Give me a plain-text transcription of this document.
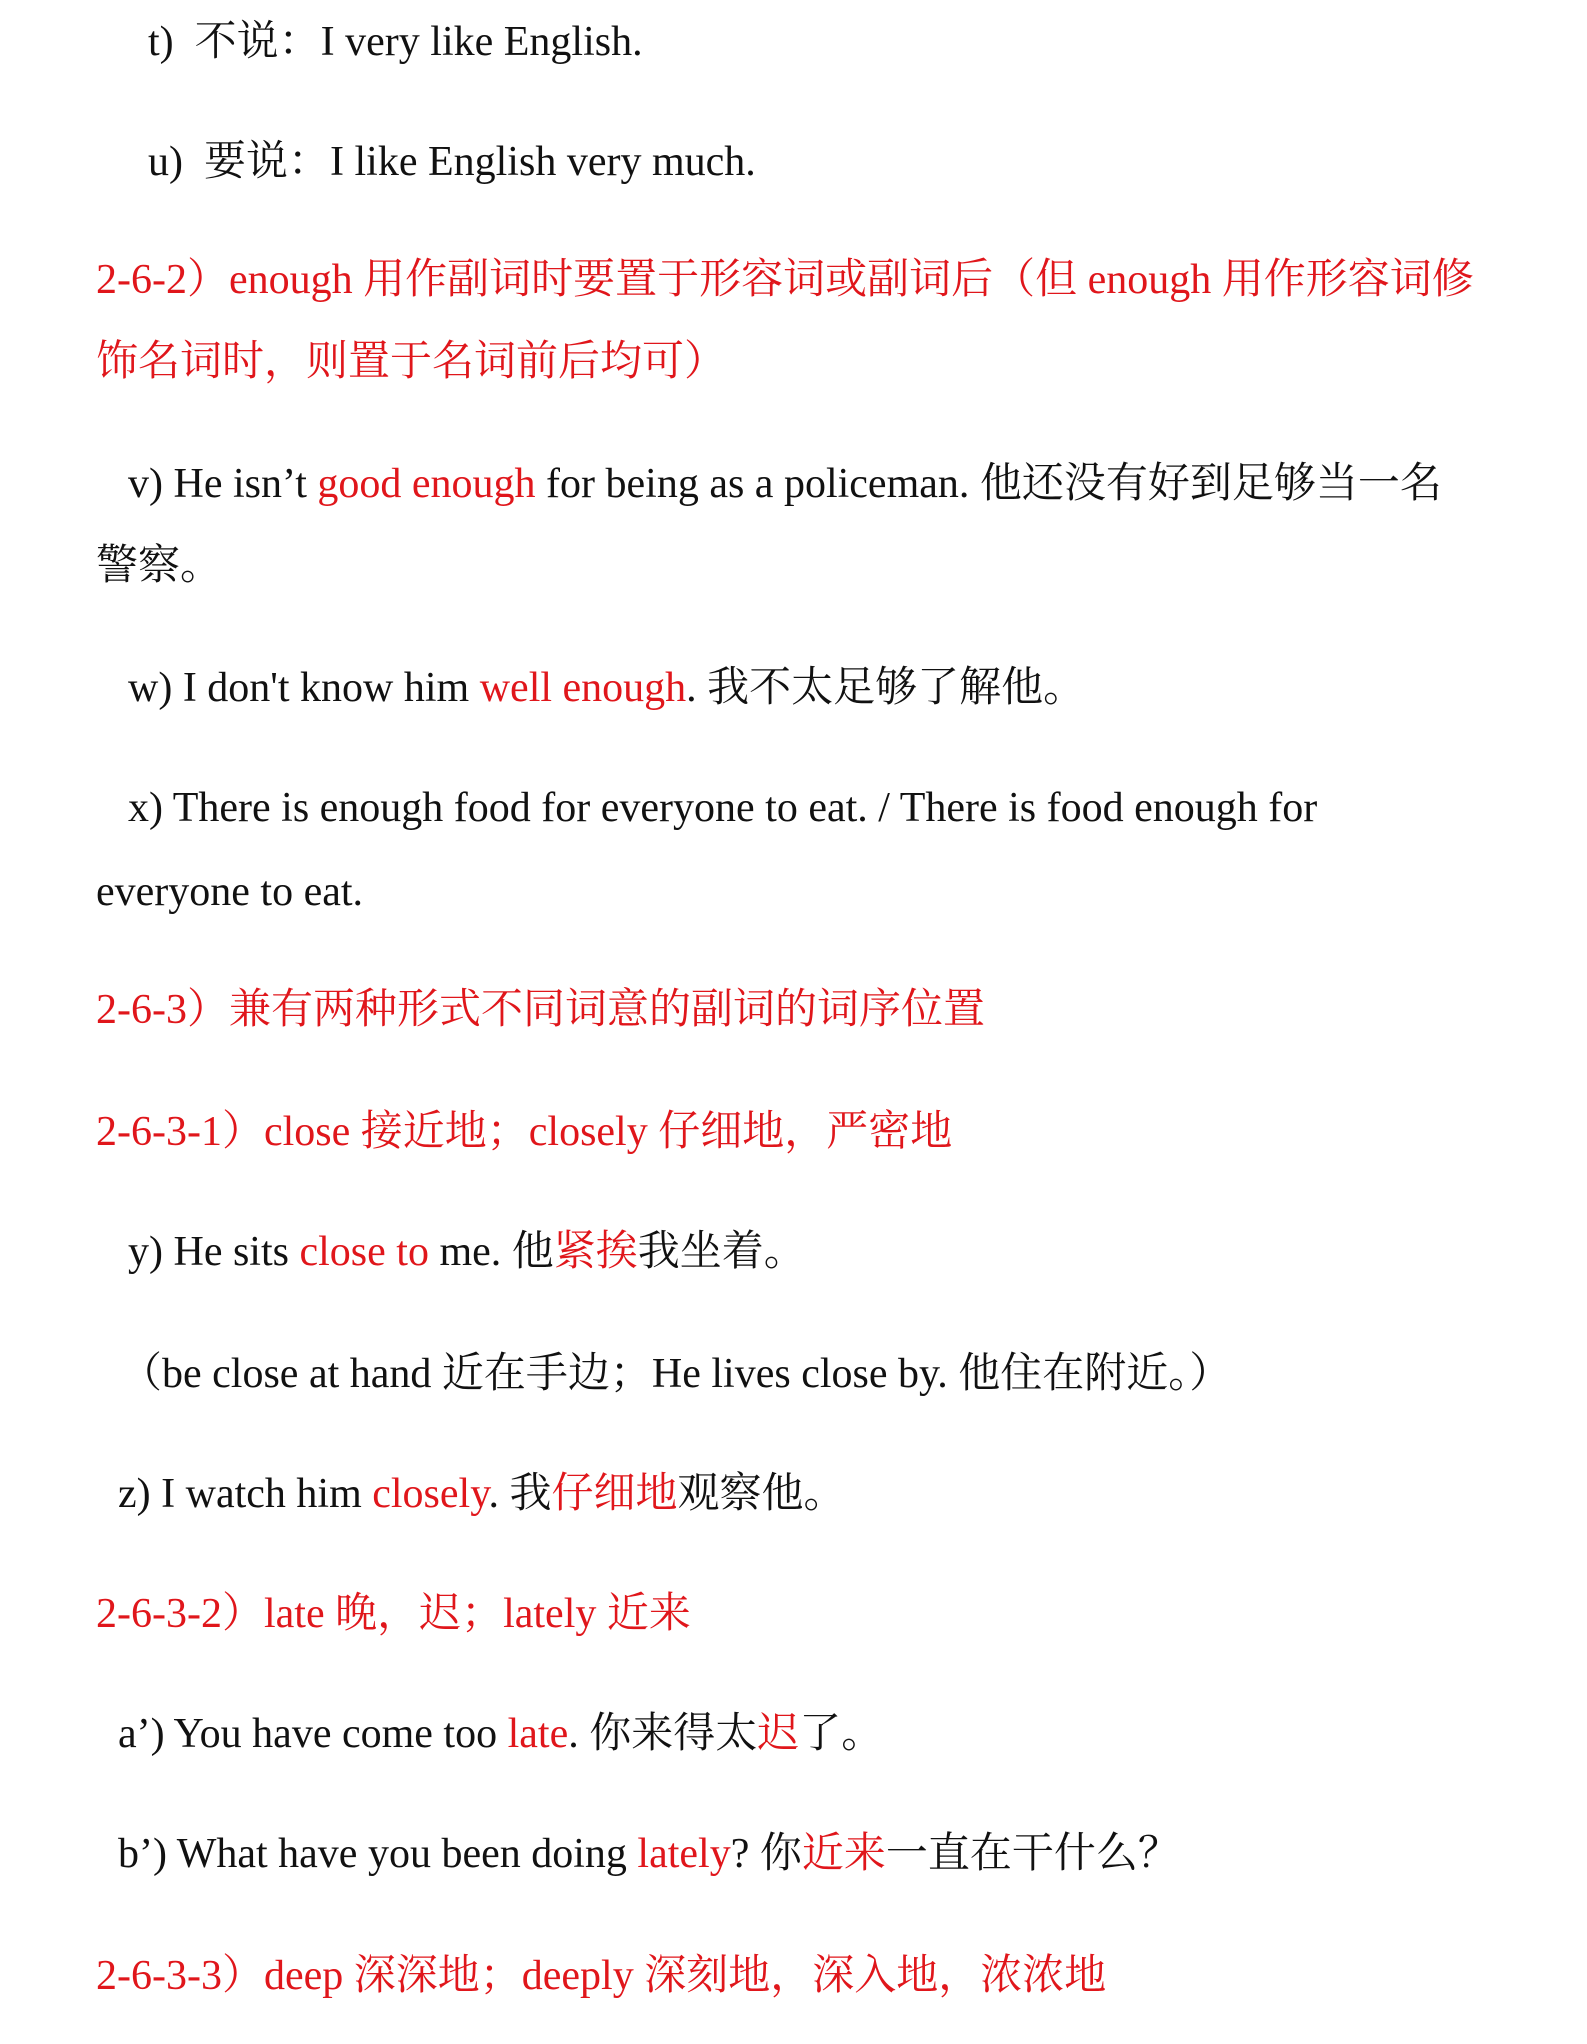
t) 不说：I very like English.
u) 要说：I like English very much.
2-6-2）enough 用作副词时要置于形容词或副词后（但 enough 用作形容词修
饰名词时，则置于名词前后均可）
v) He isn’t good enough for being as a policeman. 他还没有好到足够当一名
警察。
w) I don't know him well enough. 我不太足够了解他。
x) There is enough food for everyone to eat. / There is food enough for
everyone to eat.
2-6-3）兼有两种形式不同词意的副词的词序位置
2-6-3-1）close 接近地；closely 仔细地，严密地
y) He sits close to me. 他紧挨我坐着。
（be close at hand 近在手边；He lives close by. 他住在附近。）
z) I watch him closely. 我仔细地观察他。
2-6-3-2）late 晚，迟；lately 近来
a’) You have come too late. 你来得太迟了。
b’) What have you been doing lately? 你近来一直在干什么？
2-6-3-3）deep 深深地；deeply 深刻地，深入地，浓浓地
